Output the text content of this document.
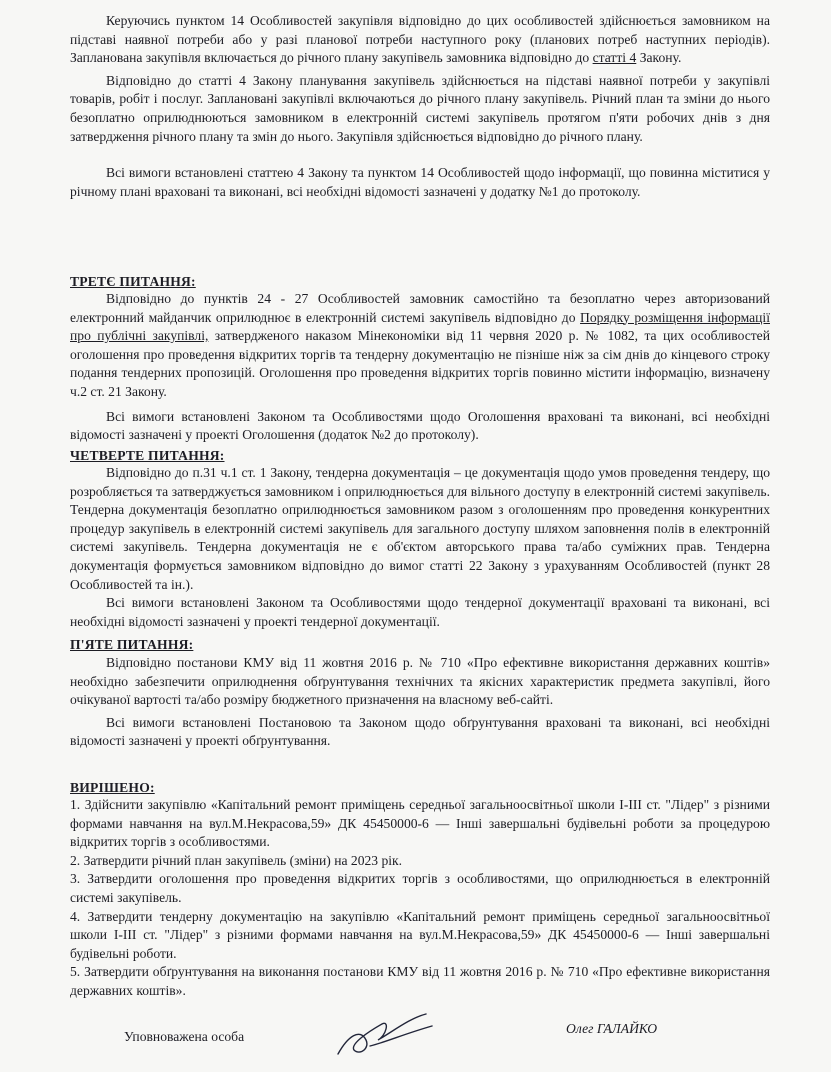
Керуючись пунктом 14 Особливостей закупівля відповідно до цих особливостей здійснюється замовником на підставі наявної потреби або у разі планової потреби наступного року (планових потреб наступних періодів). Запланована закупівля включається до річного плану закупівель замовника відповідно до статті 4 Закону.

Відповідно до статті 4 Закону планування закупівель здійснюється на підставі наявної потреби у закупівлі товарів, робіт і послуг. Заплановані закупівлі включаються до річного плану закупівель. Річний план та зміни до нього безоплатно оприлюднюються замовником в електронній системі закупівель протягом п'яти робочих днів з дня затвердження річного плану та змін до нього. Закупівля здійснюється відповідно до річного плану.

Всі вимоги встановлені статтею 4 Закону та пунктом 14 Особливостей щодо інформації, що повинна міститися у річному плані враховані та виконані, всі необхідні відомості зазначені у додатку №1 до протоколу.

ТРЕТЄ ПИТАННЯ:

Відповідно до пунктів 24 - 27 Особливостей замовник самостійно та безоплатно через авторизований електронний майданчик оприлюднює в електронній системі закупівель відповідно до Порядку розміщення інформації про публічні закупівлі, затвердженого наказом Мінекономіки від 11 червня 2020 р. № 1082, та цих особливостей оголошення про проведення відкритих торгів та тендерну документацію не пізніше ніж за сім днів до кінцевого строку подання тендерних пропозицій. Оголошення про проведення відкритих торгів повинно містити інформацію, визначену ч.2 ст. 21 Закону.

Всі вимоги встановлені Законом та Особливостями щодо Оголошення враховані та виконані, всі необхідні відомості зазначені у проекті Оголошення (додаток №2 до протоколу).

ЧЕТВЕРТЕ ПИТАННЯ:

Відповідно до п.31 ч.1 ст. 1 Закону, тендерна документація – це документація щодо умов проведення тендеру, що розробляється та затверджується замовником і оприлюднюється для вільного доступу в електронній системі закупівель. Тендерна документація безоплатно оприлюднюється замовником разом з оголошенням про проведення конкурентних процедур закупівель в електронній системі закупівель для загального доступу шляхом заповнення полів в електронній системі закупівель. Тендерна документація не є об'єктом авторського права та/або суміжних прав. Тендерна документація формується замовником відповідно до вимог статті 22 Закону з урахуванням Особливостей (пункт 28 Особливостей та ін.).

Всі вимоги встановлені Законом та Особливостями щодо тендерної документації враховані та виконані, всі необхідні відомості зазначені у проекті тендерної документації.

П'ЯТЕ ПИТАННЯ:

Відповідно постанови КМУ від 11 жовтня 2016 р. № 710 «Про ефективне використання державних коштів» необхідно забезпечити оприлюднення обґрунтування технічних та якісних характеристик предмета закупівлі, його очікуваної вартості та/або розміру бюджетного призначення на власному веб-сайті.

Всі вимоги встановлені Постановою та Законом щодо обґрунтування враховані та виконані, всі необхідні відомості зазначені у проекті обґрунтування.

ВИРІШЕНО:

1. Здійснити закупівлю «Капітальний ремонт приміщень середньої загальноосвітньої школи І-ІІІ ст. "Лідер" з різними формами навчання на вул.М.Некрасова,59» ДК 45450000-6 — Інші завершальні будівельні роботи за процедурою відкритих торгів з особливостями.

2. Затвердити річний план закупівель (зміни) на 2023 рік.

3. Затвердити оголошення про проведення відкритих торгів з особливостями, що оприлюднюється в електронній системі закупівель.

4. Затвердити тендерну документацію на закупівлю «Капітальний ремонт приміщень середньої загальноосвітньої школи І-ІІІ ст. "Лідер" з різними формами навчання на вул.М.Некрасова,59» ДК 45450000-6 — Інші завершальні будівельні роботи.

5. Затвердити обґрунтування на виконання постанови КМУ від 11 жовтня 2016 р. № 710 «Про ефективне використання державних коштів».

Уповноважена особа
Олег ГАЛАЙКО
